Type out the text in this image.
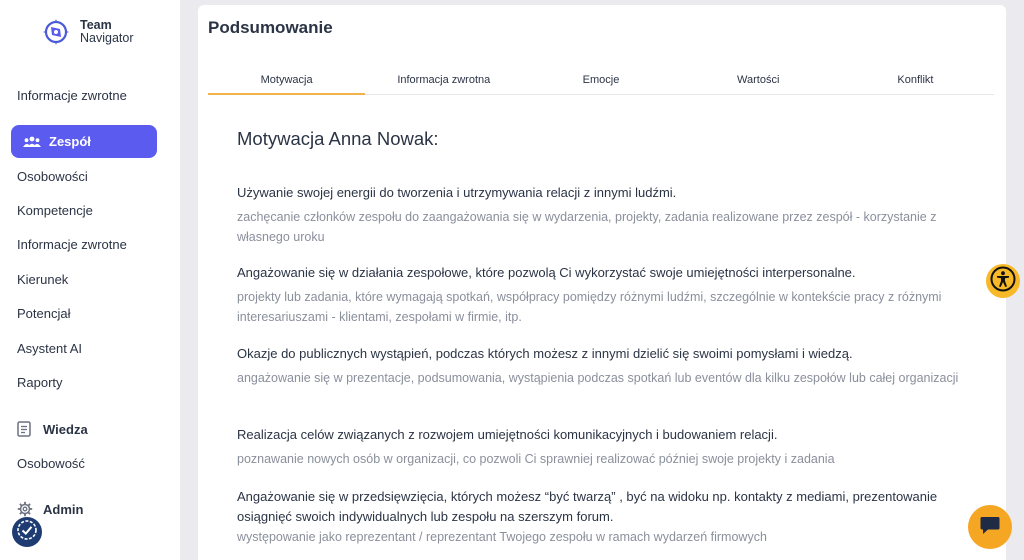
Team
Navigator
Informacje zwrotne
Zespół
Osobowości
Kompetencje
Informacje zwrotne
Kierunek
Potencjał
Asystent AI
Raporty
Wiedza
Osobowość
Admin
Podsumowanie
Motywacja	Informacja zwrotna	Emocje	Wartości	Konflikt
Motywacja Anna Nowak:
Używanie swojej energii do tworzenia i utrzymywania relacji z innymi ludźmi.
zachęcanie członków zespołu do zaangażowania się w wydarzenia, projekty, zadania realizowane przez zespół - korzystanie z własnego uroku
Angażowanie się w działania zespołowe, które pozwolą Ci wykorzystać swoje umiejętności interpersonalne.
projekty lub zadania, które wymagają spotkań, współpracy pomiędzy różnymi ludźmi, szczególnie w kontekście pracy z różnymi interesariuszami - klientami, zespołami w firmie, itp.
Okazje do publicznych wystąpień, podczas których możesz z innymi dzielić się swoimi pomysłami i wiedzą.
angażowanie się w prezentacje, podsumowania, wystąpienia podczas spotkań lub eventów dla kilku zespołów lub całej organizacji
Realizacja celów związanych z rozwojem umiejętności komunikacyjnych i budowaniem relacji.
poznawanie nowych osób w organizacji, co pozwoli Ci sprawniej realizować później swoje projekty i zadania
Angażowanie się w przedsięwzięcia, których możesz “być twarzą” , być na widoku np. kontakty z mediami, prezentowanie osiągnięć swoich indywidualnych lub zespołu na szerszym forum.
występowanie jako reprezentant / reprezentant Twojego zespołu w ramach wydarzeń firmowych
